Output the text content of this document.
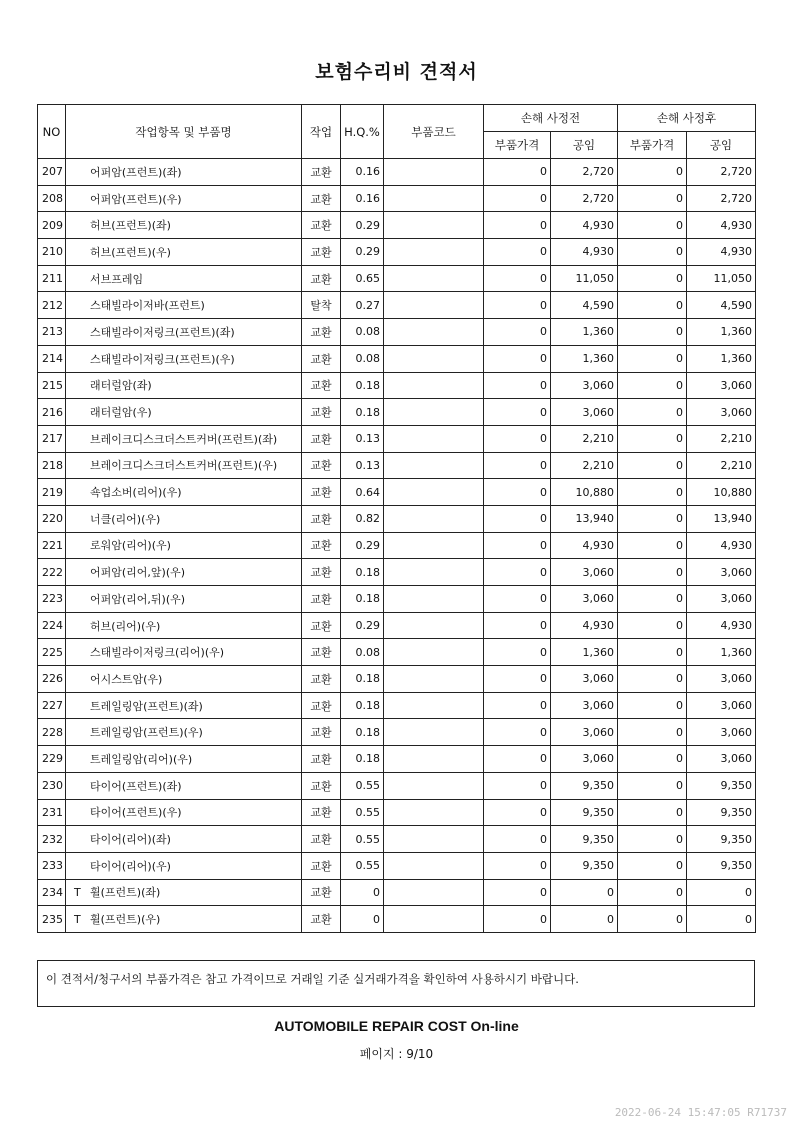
보험수리비 견적서
NO	작업항목 및 부품명	작업	H.Q.%	부품코드	손해 사정전		손해 사정후	
					부품가격	공임	부품가격	공임
207	어퍼암(프런트)(좌)	교환	0.16		0	2,720	0	2,720
208	어퍼암(프런트)(우)	교환	0.16		0	2,720	0	2,720
209	허브(프런트)(좌)	교환	0.29		0	4,930	0	4,930
210	허브(프런트)(우)	교환	0.29		0	4,930	0	4,930
211	서브프레임	교환	0.65		0	11,050	0	11,050
212	스태빌라이저바(프런트)	탈착	0.27		0	4,590	0	4,590
213	스태빌라이저링크(프런트)(좌)	교환	0.08		0	1,360	0	1,360
214	스태빌라이저링크(프런트)(우)	교환	0.08		0	1,360	0	1,360
215	래터럴암(좌)	교환	0.18		0	3,060	0	3,060
216	래터럴암(우)	교환	0.18		0	3,060	0	3,060
217	브레이크디스크더스트커버(프런트)(좌)	교환	0.13		0	2,210	0	2,210
218	브레이크디스크더스트커버(프런트)(우)	교환	0.13		0	2,210	0	2,210
219	쇽업소버(리어)(우)	교환	0.64		0	10,880	0	10,880
220	너클(리어)(우)	교환	0.82		0	13,940	0	13,940
221	로워암(리어)(우)	교환	0.29		0	4,930	0	4,930
222	어퍼암(리어,앞)(우)	교환	0.18		0	3,060	0	3,060
223	어퍼암(리어,뒤)(우)	교환	0.18		0	3,060	0	3,060
224	허브(리어)(우)	교환	0.29		0	4,930	0	4,930
225	스태빌라이저링크(리어)(우)	교환	0.08		0	1,360	0	1,360
226	어시스트암(우)	교환	0.18		0	3,060	0	3,060
227	트레일링암(프런트)(좌)	교환	0.18		0	3,060	0	3,060
228	트레일링암(프런트)(우)	교환	0.18		0	3,060	0	3,060
229	트레일링암(리어)(우)	교환	0.18		0	3,060	0	3,060
230	타이어(프런트)(좌)	교환	0.55		0	9,350	0	9,350
231	타이어(프런트)(우)	교환	0.55		0	9,350	0	9,350
232	타이어(리어)(좌)	교환	0.55		0	9,350	0	9,350
233	타이어(리어)(우)	교환	0.55		0	9,350	0	9,350
234	T 휠(프런트)(좌)	교환	0		0	0	0	0
235	T 휠(프런트)(우)	교환	0		0	0	0	0
이 견적서/청구서의 부품가격은 참고 가격이므로 거래일 기준 실거래가격을 확인하여 사용하시기 바랍니다.
AUTOMOBILE REPAIR COST On-line
페이지 : 9/10
2022-06-24 15:47:05 R71737
